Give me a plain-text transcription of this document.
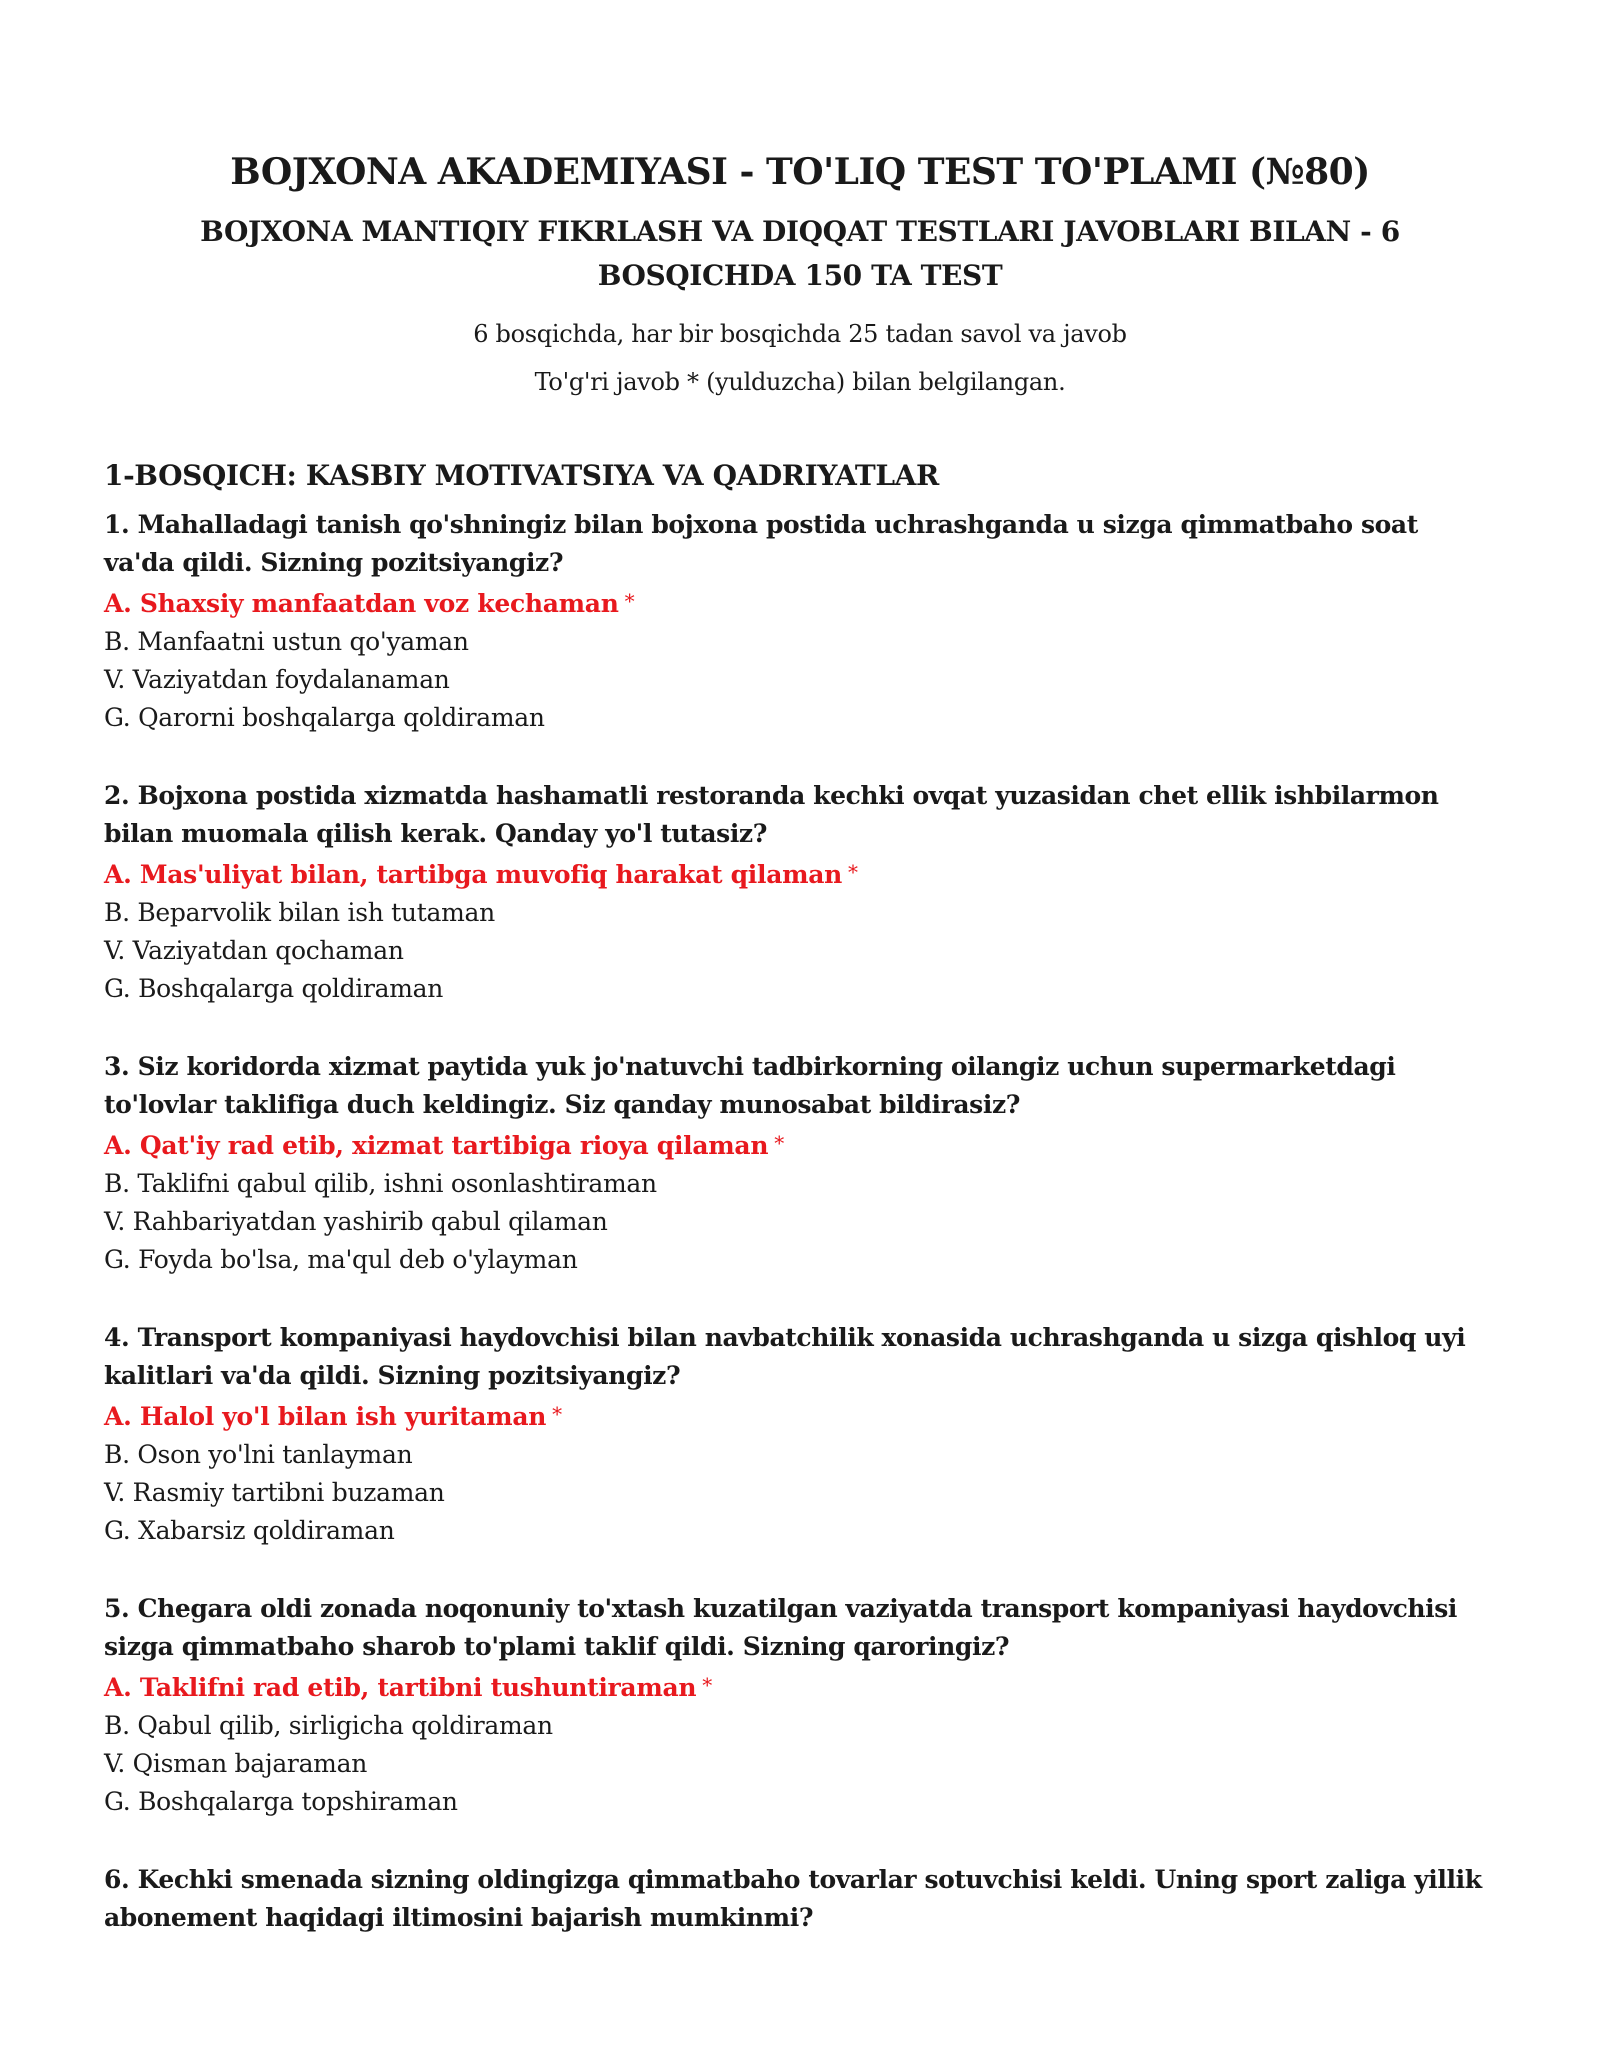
BOJXONA AKADEMIYASI - TO'LIQ TEST TO'PLAMI (№80)
BOJXONA MANTIQIY FIKRLASH VA DIQQAT TESTLARI JAVOBLARI BILAN - 6 BOSQICHDA 150 TA TEST

6 bosqichda, har bir bosqichda 25 tadan savol va javob

To'g'ri javob * (yulduzcha) bilan belgilangan.

1-BOSQICH: KASBIY MOTIVATSIYA VA QADRIYATLAR

1. Mahalladagi tanish qo'shningiz bilan bojxona postida uchrashganda u sizga qimmatbaho soat va'da qildi. Sizning pozitsiyangiz?

A. Shaxsiy manfaatdan voz kechaman *

B. Manfaatni ustun qo'yaman

V. Vaziyatdan foydalanaman

G. Qarorni boshqalarga qoldiraman

2. Bojxona postida xizmatda hashamatli restoranda kechki ovqat yuzasidan chet ellik ishbilarmon bilan muomala qilish kerak. Qanday yo'l tutasiz?

A. Mas'uliyat bilan, tartibga muvofiq harakat qilaman *

B. Beparvolik bilan ish tutaman

V. Vaziyatdan qochaman

G. Boshqalarga qoldiraman

3. Siz koridorda xizmat paytida yuk jo'natuvchi tadbirkorning oilangiz uchun supermarketdagi to'lovlar taklifiga duch keldingiz. Siz qanday munosabat bildirasiz?

A. Qat'iy rad etib, xizmat tartibiga rioya qilaman *

B. Taklifni qabul qilib, ishni osonlashtiraman

V. Rahbariyatdan yashirib qabul qilaman

G. Foyda bo'lsa, ma'qul deb o'ylayman

4. Transport kompaniyasi haydovchisi bilan navbatchilik xonasida uchrashganda u sizga qishloq uyi kalitlari va'da qildi. Sizning pozitsiyangiz?

A. Halol yo'l bilan ish yuritaman *

B. Oson yo'lni tanlayman

V. Rasmiy tartibni buzaman

G. Xabarsiz qoldiraman

5. Chegara oldi zonada noqonuniy to'xtash kuzatilgan vaziyatda transport kompaniyasi haydovchisi sizga qimmatbaho sharob to'plami taklif qildi. Sizning qaroringiz?

A. Taklifni rad etib, tartibni tushuntiraman *

B. Qabul qilib, sirligicha qoldiraman

V. Qisman bajaraman

G. Boshqalarga topshiraman

6. Kechki smenada sizning oldingizga qimmatbaho tovarlar sotuvchisi keldi. Uning sport zaliga yillik abonement haqidagi iltimosini bajarish mumkinmi?
